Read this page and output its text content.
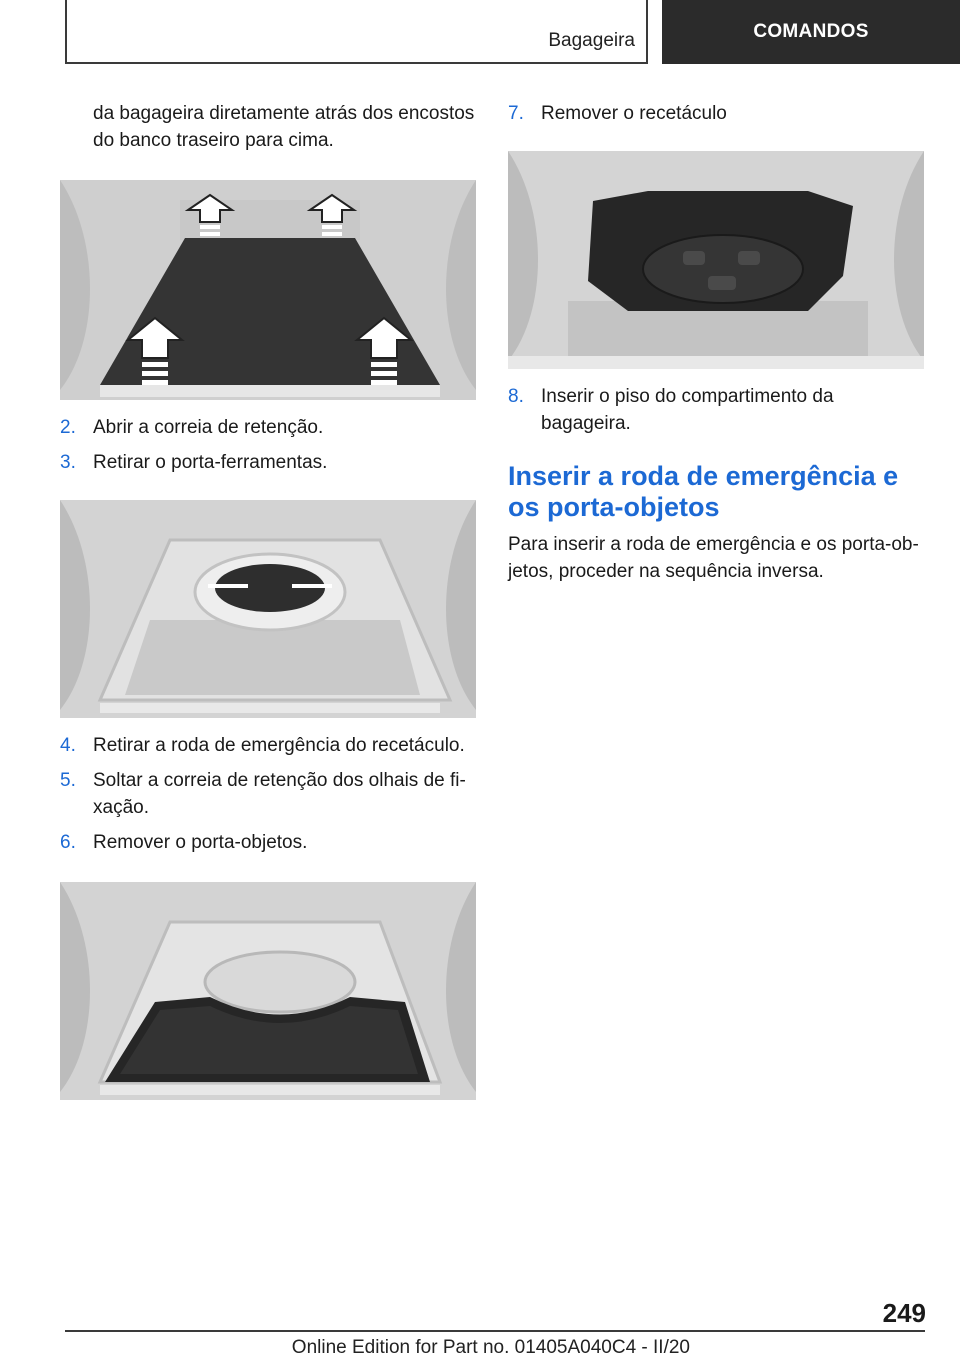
Bagageira	COMANDOS

da bagageira diretamente atrás dos encostos do banco traseiro para cima.

2. Abrir a correia de retenção.
3. Retirar o porta-ferramentas.
4. Retirar a roda de emergência do recetáculo.
5. Soltar a correia de retenção dos olhais de fi-xação.
6. Remover o porta-objetos.
7. Remover o recetáculo
8. Inserir o piso do compartimento da bagageira.
Inserir a roda de emergência e os porta-objetos

Para inserir a roda de emergência e os porta-ob-jetos, proceder na sequência inversa.

249
Online Edition for Part no. 01405A040C4 - II/20
